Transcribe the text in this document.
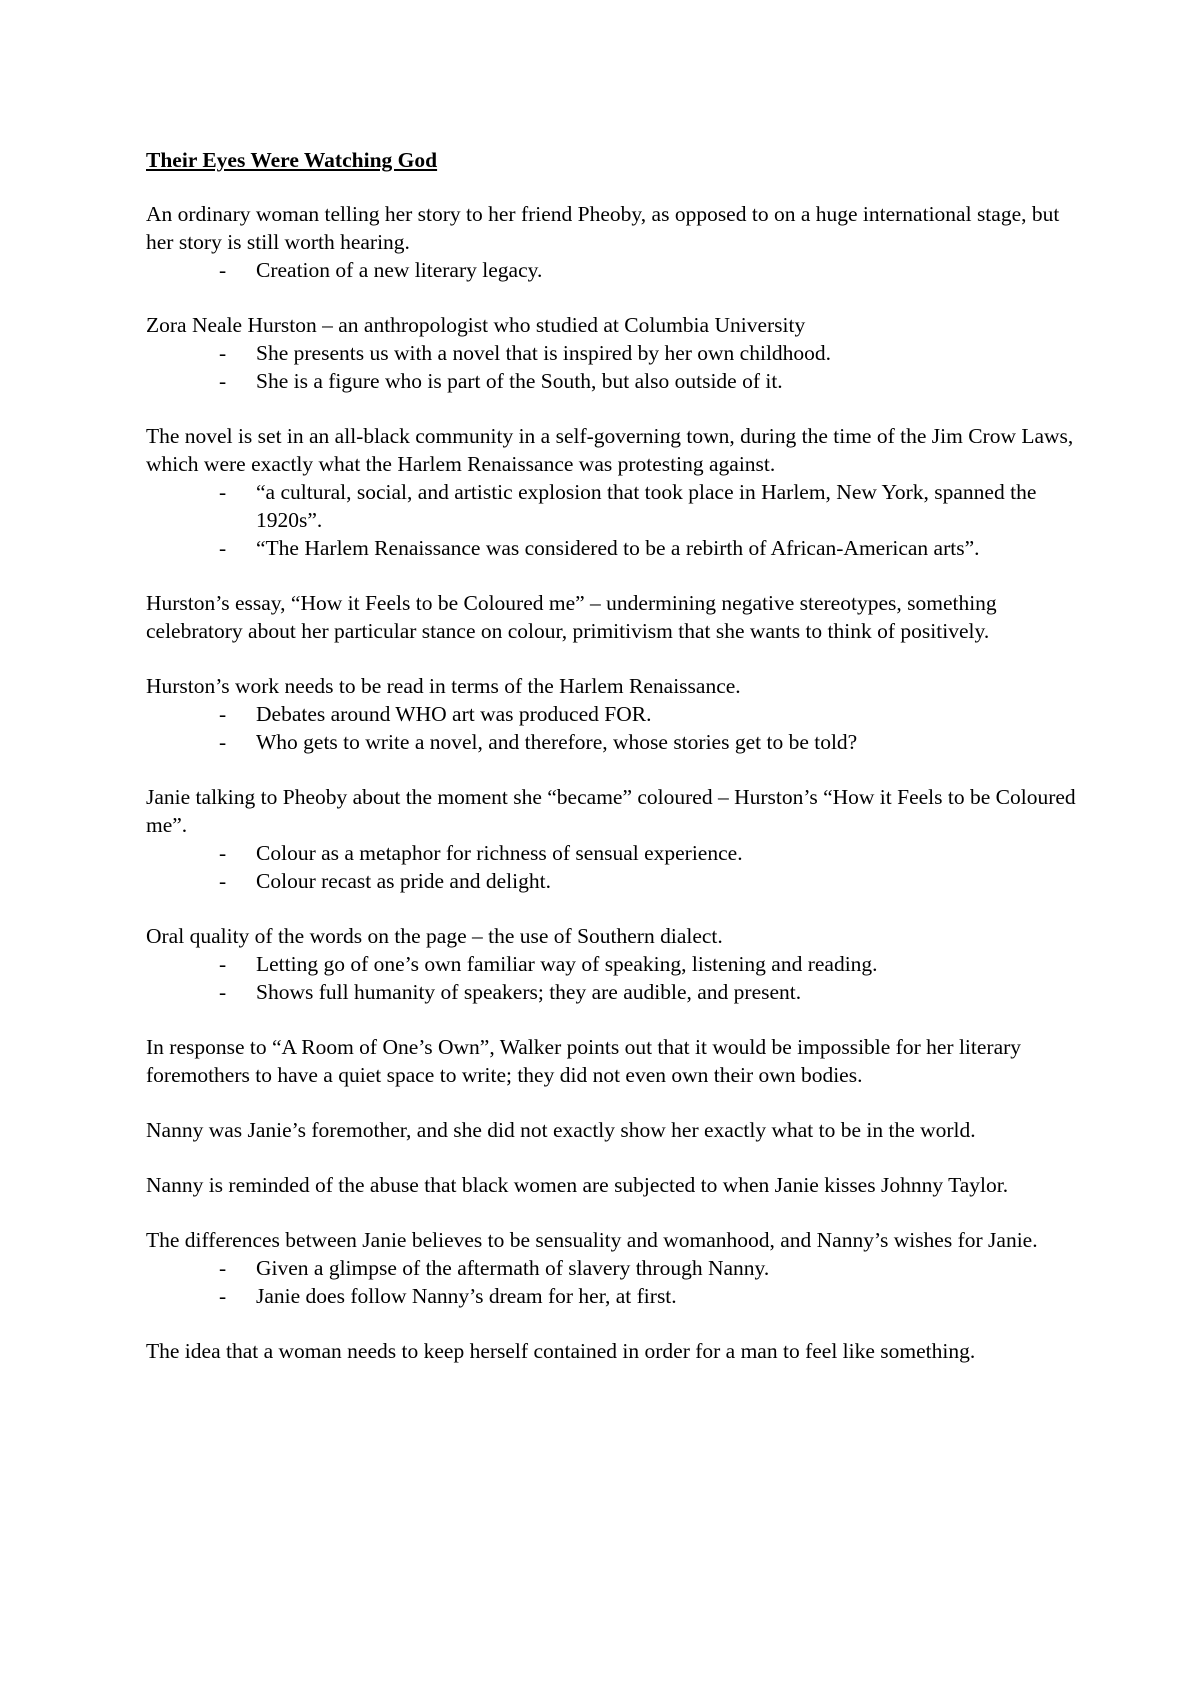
Their Eyes Were Watching God

An ordinary woman telling her story to her friend Pheoby, as opposed to on a huge international stage, but her story is still worth hearing.

- Creation of a new literary legacy.

Zora Neale Hurston – an anthropologist who studied at Columbia University

- She presents us with a novel that is inspired by her own childhood.
- She is a figure who is part of the South, but also outside of it.

The novel is set in an all-black community in a self-governing town, during the time of the Jim Crow Laws, which were exactly what the Harlem Renaissance was protesting against.

- “a cultural, social, and artistic explosion that took place in Harlem, New York, spanned the 1920s”.
- “The Harlem Renaissance was considered to be a rebirth of African-American arts”.

Hurston’s essay, “How it Feels to be Coloured me” – undermining negative stereotypes, something celebratory about her particular stance on colour, primitivism that she wants to think of positively.

Hurston’s work needs to be read in terms of the Harlem Renaissance.

- Debates around WHO art was produced FOR.
- Who gets to write a novel, and therefore, whose stories get to be told?

Janie talking to Pheoby about the moment she “became” coloured – Hurston’s “How it Feels to be Coloured me”.

- Colour as a metaphor for richness of sensual experience.
- Colour recast as pride and delight.

Oral quality of the words on the page – the use of Southern dialect.

- Letting go of one’s own familiar way of speaking, listening and reading.
- Shows full humanity of speakers; they are audible, and present.

In response to “A Room of One’s Own”, Walker points out that it would be impossible for her literary foremothers to have a quiet space to write; they did not even own their own bodies.

Nanny was Janie’s foremother, and she did not exactly show her exactly what to be in the world.

Nanny is reminded of the abuse that black women are subjected to when Janie kisses Johnny Taylor.

The differences between Janie believes to be sensuality and womanhood, and Nanny’s wishes for Janie.

- Given a glimpse of the aftermath of slavery through Nanny.
- Janie does follow Nanny’s dream for her, at first.

The idea that a woman needs to keep herself contained in order for a man to feel like something.
